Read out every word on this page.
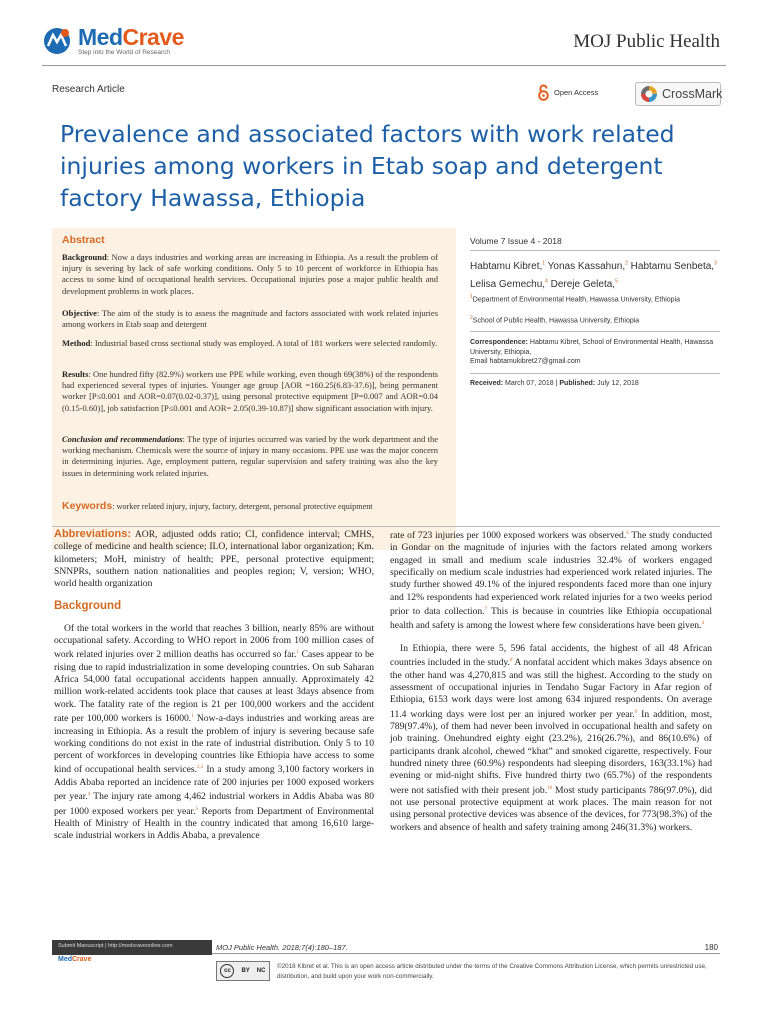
MedCrave
Step into the World of Research
MOJ Public Health
Research Article	Open Access	CrossMark
Prevalence and associated factors with work related injuries among workers in Etab soap and detergent factory Hawassa, Ethiopia
Abstract
Background: Now a days industries and working areas are increasing in Ethiopia. As a result the problem of injury is severing by lack of safe working conditions. Only 5 to 10 percent of workforce in Ethiopia has access to some kind of occupational health services. Occupational injuries pose a major public health and development problems in work places.
Objective: The aim of the study is to assess the magnitude and factors associated with work related injuries among workers in Etab soap and detergent
Method: Industrial based cross sectional study was employed. A total of 181 workers were selected randomly.
Results: One hundred fifty (82.9%) workers use PPE while working, even though 69(38%) of the respondents had experienced several types of injuries. Younger age group [AOR =160.25(6.83-37.6)], being permanent worker [P≤0.001 and AOR=0.07(0.02-0.37)], using personal protective equipment [P=0.007 and AOR=0.04 (0.15-0.60)], job satisfaction [P≤0.001 and AOR= 2.05(0.39-10.87)] show significant association with injury.
Conclusion and recommendations: The type of injuries occurred was varied by the work department and the working mechanism. Chemicals were the source of injury in many occasions. PPE use was the major concern in determining injuries. Age, employment pattern, regular supervision and safety training was also the key issues in determining work related injuries.
Keywords: worker related injury, injury, factory, detergent, personal protective equipment
Volume 7 Issue 4 - 2018
Habtamu Kibret,$^1$ Yonas Kassahun,$^2$ Habtamu Senbeta,$^3$ Lelisa Gemechu,$^4$ Dereje Geleta,$^5$
$^1$Department of Environmental Health, Hawassa University, Ethiopia
$^2$School of Public Health, Hawassa University, Ethiopia
Correspondence: Habtamu Kibret, School of Environmental Health, Hawassa University, Ethiopia,
Email habtamukibret27@gmail.com
Received: March 07, 2018 | Published: July 12, 2018

Abbreviations: AOR, adjusted odds ratio; CI, confidence interval; CMHS, college of medicine and health science; ILO, international labor organization; Km. kilometers; MoH, ministry of health; PPE, personal protective equipment; SNNPRs, southern nation nationalities and peoples region; V, version; WHO, world health organization

Background

Of the total workers in the world that reaches 3 billion, nearly 85% are without occupational safety. According to WHO report in 2006 from 100 million cases of work related injuries over 2 million deaths has occurred so far.$^1$ Cases appear to be rising due to rapid industrialization in some developing countries. On sub Saharan Africa 54,000 fatal occupational accidents happen annually. Approximately 42 million work-related accidents took place that causes at least 3days absence from work. The fatality rate of the region is 21 per 100,000 workers and the accident rate per 100,000 workers is 16000.$^1$ Now-a-days industries and working areas are increasing in Ethiopia. As a result the problem of injury is severing because safe working conditions do not exist in the rate of industrial distribution. Only 5 to 10 percent of workforces in developing countries like Ethiopia have access to some kind of occupational health services.$^{2,3}$ In a study among 3,100 factory workers in Addis Ababa reported an incidence rate of 200 injuries per 1000 exposed workers per year.$^4$ The injury rate among 4,462 industrial workers in Addis Ababa was 80 per 1000 exposed workers per year.$^5$ Reports from Department of Environmental Health of Ministry of Health in the country indicated that among 16,610 large-scale industrial workers in Addis Ababa, a prevalence

rate of 723 injuries per 1000 exposed workers was observed.$^6$ The study conducted in Gondar on the magnitude of injuries with the factors related among workers engaged in small and medium scale industries 32.4% of workers engaged specifically on medium scale industries had experienced work related injuries. The study further showed 49.1% of the injured respondents faced more than one injury and 12% respondents had experienced work related injuries for a two weeks period prior to data collection.$^7$ This is because in countries like Ethiopia occupational health and safety is among the lowest where few considerations have been given.$^4$

In Ethiopia, there were 5, 596 fatal accidents, the highest of all 48 African countries included in the study.$^8$ A nonfatal accident which makes 3days absence on the other hand was 4,270,815 and was still the highest. According to the study on assessment of occupational injuries in Tendaho Sugar Factory in Afar region of Ethiopia, 6153 work days were lost among 634 injured respondents. On average 11.4 working days were lost per an injured worker per year.$^9$ In addition, most, 789(97.4%), of them had never been involved in occupational health and safety on job training. Onehundred eighty eight (23.2%), 216(26.7%), and 86(10.6%) of participants drank alcohol, chewed “khat” and smoked cigarette, respectively. Four hundred ninety three (60.9%) respondents had sleeping disorders, 163(33.1%) had evening or mid-night shifts. Five hundred thirty two (65.7%) of the respondents were not satisfied with their present job.$^{10}$ Most study participants 786(97.0%), did not use personal protective equipment at work places. The main reason for not using personal protective devices was absence of the devices, for 773(98.3%) of the workers and absence of health and safety training among 246(31.3%) workers.

Submit Manuscript | http://medcraveonline.com
MedCrave
MOJ Public Health. 2018;7(4):180‒187.	180
cc	BY NC
©2018 Kibret et al. This is an open access article distributed under the terms of the Creative Commons Attribution License, which permits unrestricted use, distribution, and build upon your work non-commercially.
